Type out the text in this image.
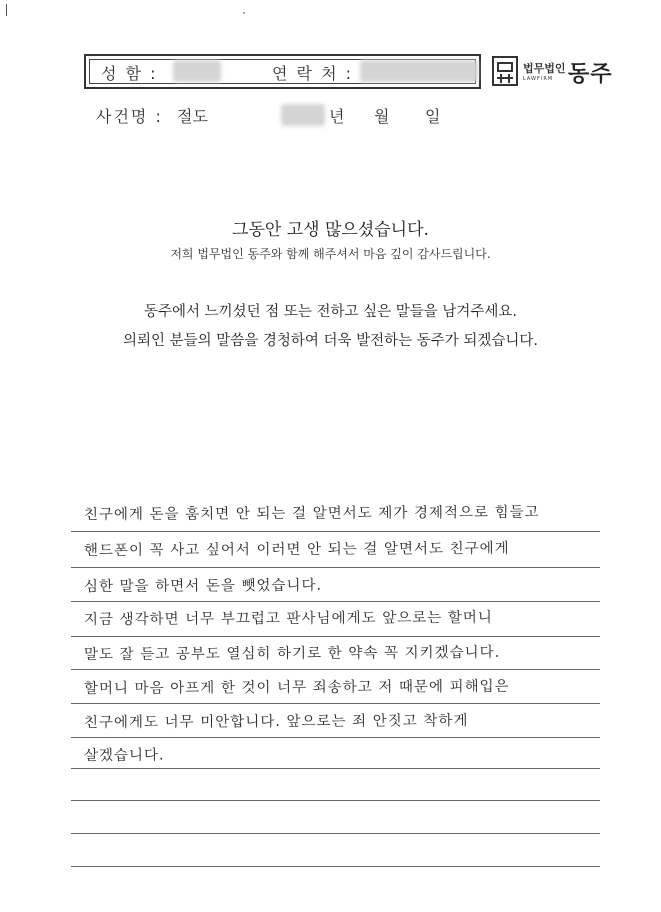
성 함 :	연 락 처 :	법무법인
LAWFIRM 동주
사건명 : 절도	년 월 일
그동안 고생 많으셨습니다.
저희 법무법인 동주와 함께 해주셔서 마음 깊이 감사드립니다.
동주에서 느끼셨던 점 또는 전하고 싶은 말들을 남겨주세요.
의뢰인 분들의 말씀을 경청하여 더욱 발전하는 동주가 되겠습니다.
친구에게 돈을 훔치면 안 되는 걸 알면서도 제가 경제적으로 힘들고
핸드폰이 꼭 사고 싶어서 이러면 안 되는 걸 알면서도 친구에게
심한 말을 하면서 돈을 뺏었습니다.
지금 생각하면 너무 부끄럽고 판사님에게도 앞으로는 할머니
말도 잘 듣고 공부도 열심히 하기로 한 약속 꼭 지키겠습니다.
할머니 마음 아프게 한 것이 너무 죄송하고 저 때문에 피해입은
친구에게도 너무 미안합니다. 앞으로는 죄 안짓고 착하게
살겠습니다.
